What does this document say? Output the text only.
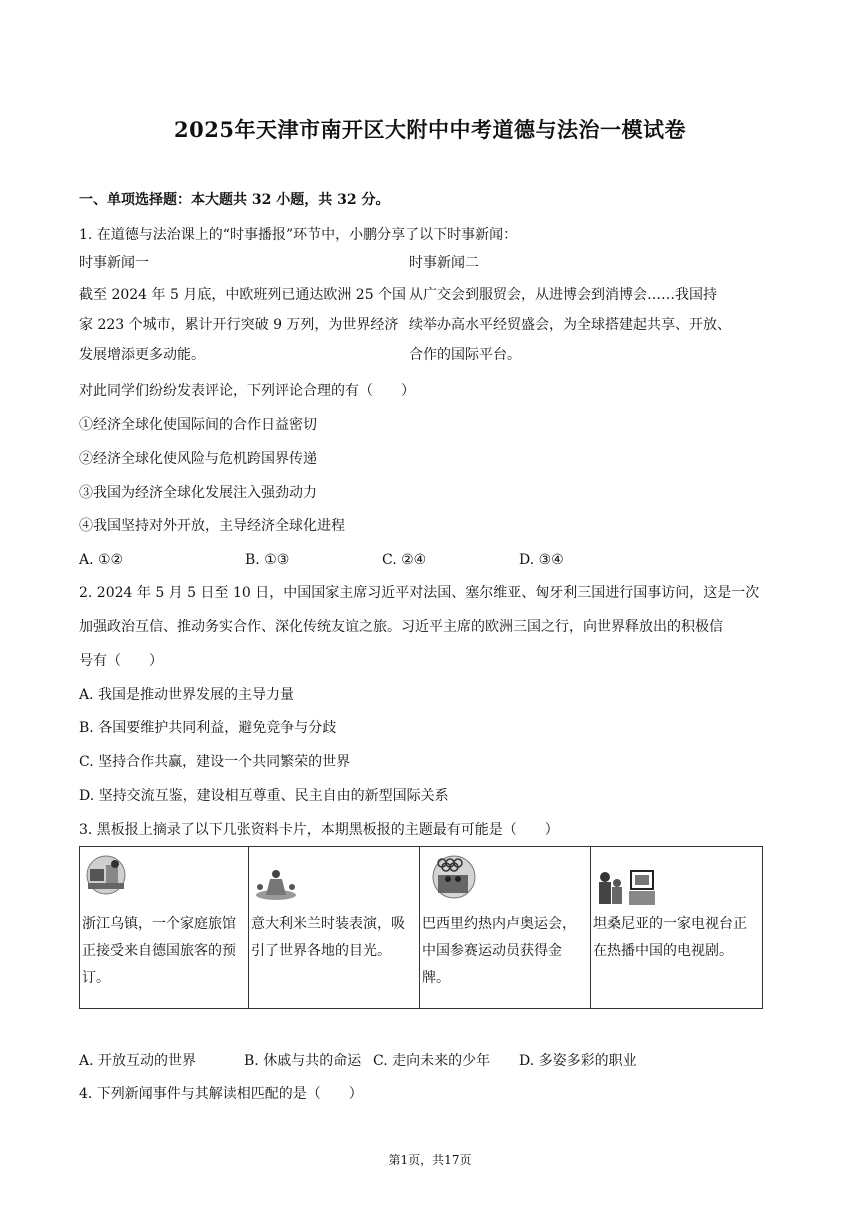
2025年天津市南开区大附中中考道德与法治一模试卷
一、单项选择题：本大题共 32 小题，共 32 分。
1. 在道德与法治课上的“时事播报”环节中，小鹏分享了以下时事新闻：
时事新闻一	时事新闻二
截至 2024 年 5 月底，中欧班列已通达欧洲 25 个国
家 223 个城市，累计开行突破 9 万列，为世界经济
发展增添更多动能。
从广交会到服贸会，从进博会到消博会……我国持
续举办高水平经贸盛会，为全球搭建起共享、开放、
合作的国际平台。
对此同学们纷纷发表评论，下列评论合理的有（　　）
①经济全球化使国际间的合作日益密切
②经济全球化使风险与危机跨国界传递
③我国为经济全球化发展注入强劲动力
④我国坚持对外开放，主导经济全球化进程
A. ①②	B. ①③	C. ②④	D. ③④
2. 2024 年 5 月 5 日至 10 日，中国国家主席习近平对法国、塞尔维亚、匈牙利三国进行国事访问，这是一次
加强政治互信、推动务实合作、深化传统友谊之旅。习近平主席的欧洲三国之行，向世界释放出的积极信
号有（　　）
A. 我国是推动世界发展的主导力量
B. 各国要维护共同利益，避免竞争与分歧
C. 坚持合作共赢，建设一个共同繁荣的世界
D. 坚持交流互鉴，建设相互尊重、民主自由的新型国际关系
3. 黑板报上摘录了以下几张资料卡片，本期黑板报的主题最有可能是（　　）
浙江乌镇，一个家庭旅馆正接受来自德国旅客的预订。

意大利米兰时装表演，吸引了世界各地的目光。

巴西里约热内卢奥运会，中国参赛运动员获得金牌。

坦桑尼亚的一家电视台正在热播中国的电视剧。
A. 开放互动的世界	B. 休戚与共的命运 C. 走向未来的少年 D. 多姿多彩的职业
4. 下列新闻事件与其解读相匹配的是（　　）
第1页，共17页
